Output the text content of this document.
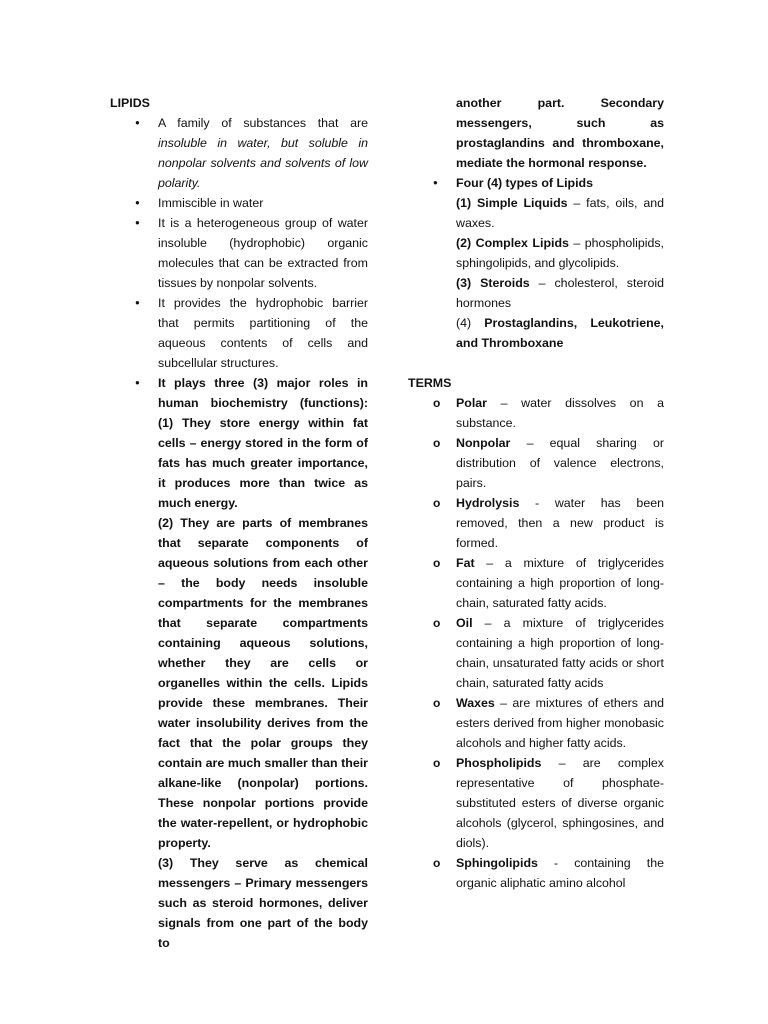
LIPIDS
● A family of substances that are insoluble in water, but soluble in nonpolar solvents and solvents of low polarity.
● Immiscible in water
● It is a heterogeneous group of water insoluble (hydrophobic) organic molecules that can be extracted from tissues by nonpolar solvents.
● It provides the hydrophobic barrier that permits partitioning of the aqueous contents of cells and subcellular structures.
● It plays three (3) major roles in human biochemistry (functions): (1) They store energy within fat cells – energy stored in the form of fats has much greater importance, it produces more than twice as much energy.
(2) They are parts of membranes that separate components of aqueous solutions from each other – the body needs insoluble compartments for the membranes that separate compartments containing aqueous solutions, whether they are cells or organelles within the cells. Lipids provide these membranes. Their water insolubility derives from the fact that the polar groups they contain are much smaller than their alkane-like (nonpolar) portions. These nonpolar portions provide the water-repellent, or hydrophobic property.
(3) They serve as chemical messengers – Primary messengers such as steroid hormones, deliver signals from one part of the body to
another part. Secondary messengers, such as prostaglandins and thromboxane, mediate the hormonal response.
● Four (4) types of Lipids
(1) Simple Liquids – fats, oils, and waxes.
(2) Complex Lipids – phospholipids, sphingolipids, and glycolipids.
(3) Steroids – cholesterol, steroid hormones
(4) Prostaglandins, Leukotriene, and Thromboxane
TERMS
o Polar – water dissolves on a substance.
o Nonpolar – equal sharing or distribution of valence electrons, pairs.
o Hydrolysis - water has been removed, then a new product is formed.
o Fat – a mixture of triglycerides containing a high proportion of long-chain, saturated fatty acids.
o Oil – a mixture of triglycerides containing a high proportion of long-chain, unsaturated fatty acids or short chain, saturated fatty acids
o Waxes – are mixtures of ethers and esters derived from higher monobasic alcohols and higher fatty acids.
o Phospholipids – are complex representative of phosphate-substituted esters of diverse organic alcohols (glycerol, sphingosines, and diols).
o Sphingolipids - containing the organic aliphatic amino alcohol
